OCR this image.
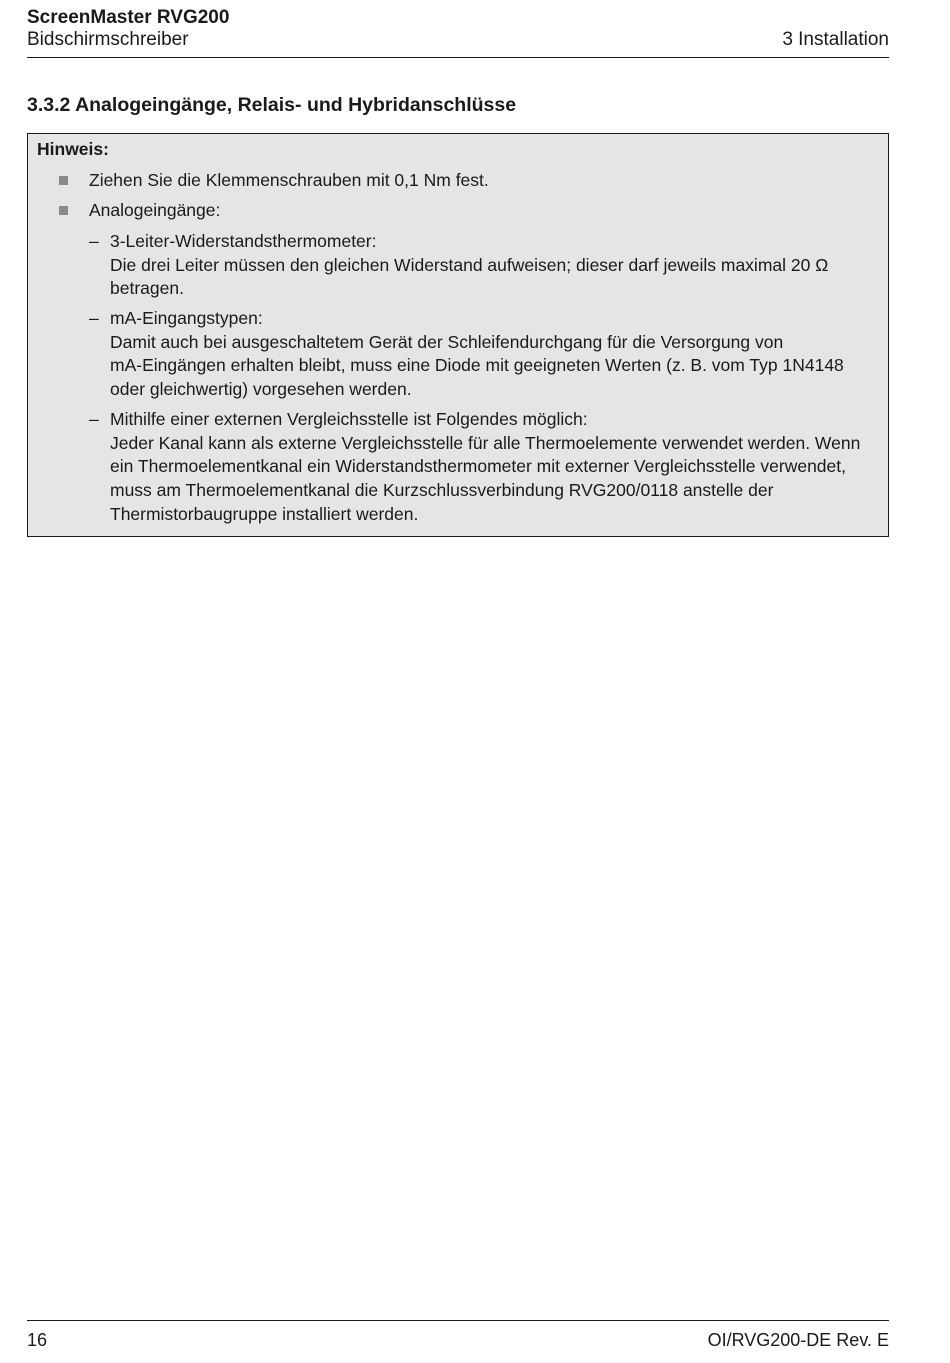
ScreenMaster RVG200
Bidschirmschreiber	3 Installation
3.3.2 Analogeingänge, Relais- und Hybridanschlüsse
Hinweis:
Ziehen Sie die Klemmenschrauben mit 0,1 Nm fest.
Analogeingänge:
– 3-Leiter-Widerstandsthermometer:
Die drei Leiter müssen den gleichen Widerstand aufweisen; dieser darf jeweils maximal 20 Ω
betragen.
– mA-Eingangstypen:
Damit auch bei ausgeschaltetem Gerät der Schleifendurchgang für die Versorgung von
mA-Eingängen erhalten bleibt, muss eine Diode mit geeigneten Werten (z. B. vom Typ 1N4148
oder gleichwertig) vorgesehen werden.
– Mithilfe einer externen Vergleichsstelle ist Folgendes möglich:
Jeder Kanal kann als externe Vergleichsstelle für alle Thermoelemente verwendet werden. Wenn
ein Thermoelementkanal ein Widerstandsthermometer mit externer Vergleichsstelle verwendet,
muss am Thermoelementkanal die Kurzschlussverbindung RVG200/0118 anstelle der
Thermistorbaugruppe installiert werden.
16	OI/RVG200-DE Rev. E
